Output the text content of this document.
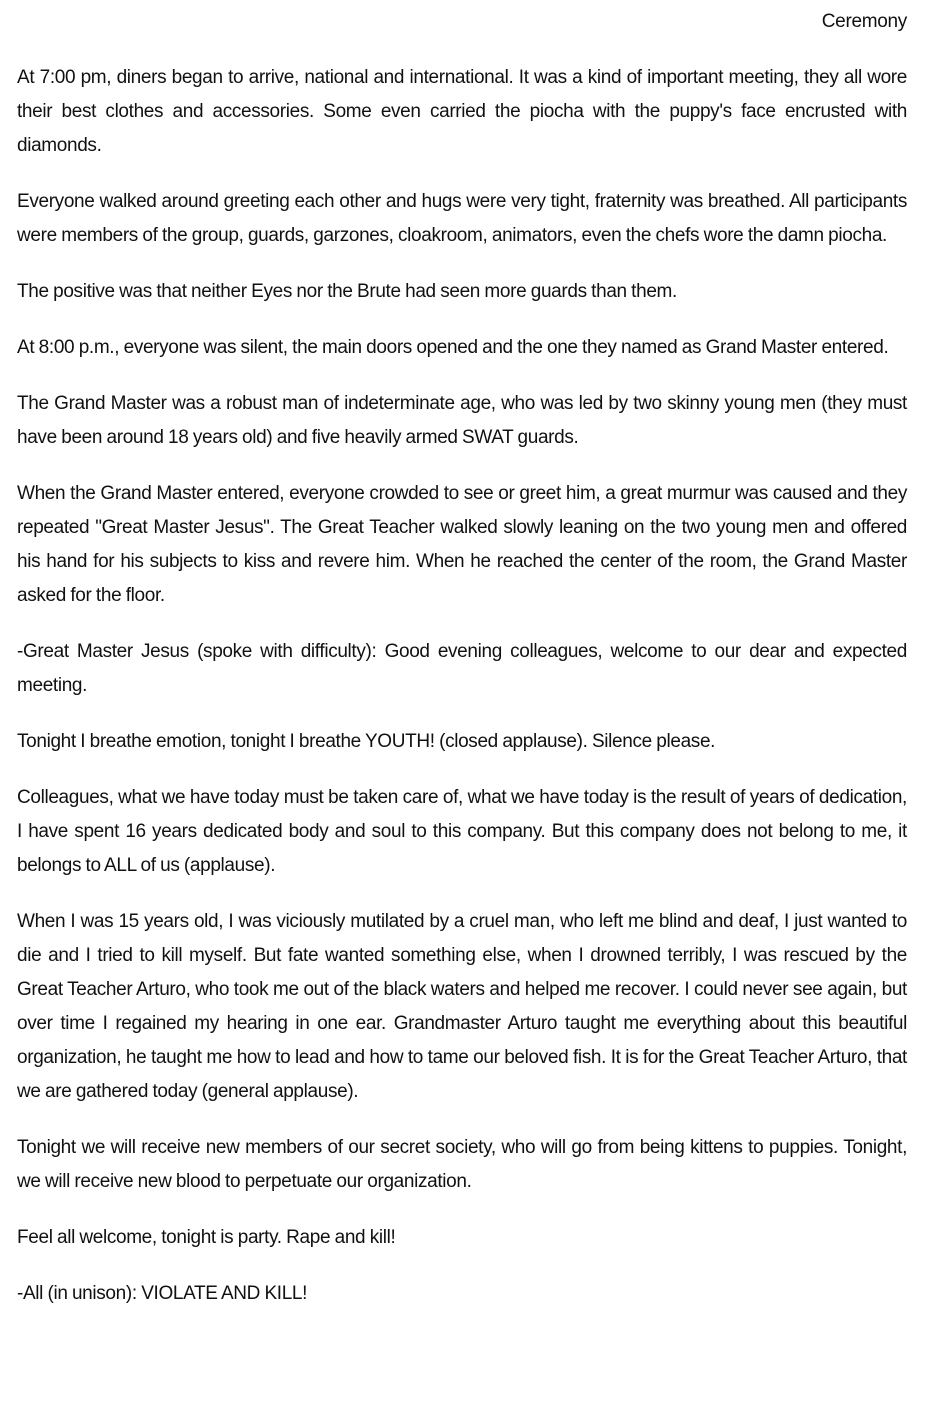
Ceremony

At 7:00 pm, diners began to arrive, national and international. It was a kind of important meeting, they all wore their best clothes and accessories. Some even carried the piocha with the puppy's face encrusted with diamonds.

Everyone walked around greeting each other and hugs were very tight, fraternity was breathed. All participants were members of the group, guards, garzones, cloakroom, animators, even the chefs wore the damn piocha.

The positive was that neither Eyes nor the Brute had seen more guards than them.

At 8:00 p.m., everyone was silent, the main doors opened and the one they named as Grand Master entered.

The Grand Master was a robust man of indeterminate age, who was led by two skinny young men (they must have been around 18 years old) and five heavily armed SWAT guards.

When the Grand Master entered, everyone crowded to see or greet him, a great murmur was caused and they repeated "Great Master Jesus". The Great Teacher walked slowly leaning on the two young men and offered his hand for his subjects to kiss and revere him. When he reached the center of the room, the Grand Master asked for the floor.

-Great Master Jesus (spoke with difficulty): Good evening colleagues, welcome to our dear and expected meeting.

Tonight I breathe emotion, tonight I breathe YOUTH! (closed applause). Silence please.

Colleagues, what we have today must be taken care of, what we have today is the result of years of dedication, I have spent 16 years dedicated body and soul to this company. But this company does not belong to me, it belongs to ALL of us (applause).

When I was 15 years old, I was viciously mutilated by a cruel man, who left me blind and deaf, I just wanted to die and I tried to kill myself. But fate wanted something else, when I drowned terribly, I was rescued by the Great Teacher Arturo, who took me out of the black waters and helped me recover. I could never see again, but over time I regained my hearing in one ear. Grandmaster Arturo taught me everything about this beautiful organization, he taught me how to lead and how to tame our beloved fish. It is for the Great Teacher Arturo, that we are gathered today (general applause).

Tonight we will receive new members of our secret society, who will go from being kittens to puppies. Tonight, we will receive new blood to perpetuate our organization.

Feel all welcome, tonight is party. Rape and kill!

-All (in unison): VIOLATE AND KILL!
